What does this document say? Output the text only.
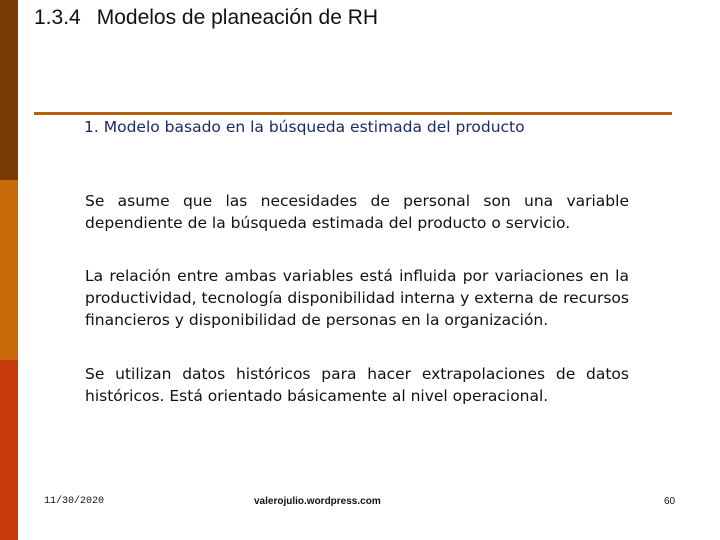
1.3.4 Modelos de planeación de RH
1. Modelo basado en la búsqueda estimada del producto
Se asume que las necesidades de personal son una variable dependiente de la búsqueda estimada del producto o servicio.
La relación entre ambas variables está influida por variaciones en la productividad, tecnología disponibilidad interna y externa de recursos financieros y disponibilidad de personas en la organización.
Se utilizan datos históricos para hacer extrapolaciones de datos históricos. Está orientado básicamente al nivel operacional.
11/30/2020	valerojulio.wordpress.com	60
